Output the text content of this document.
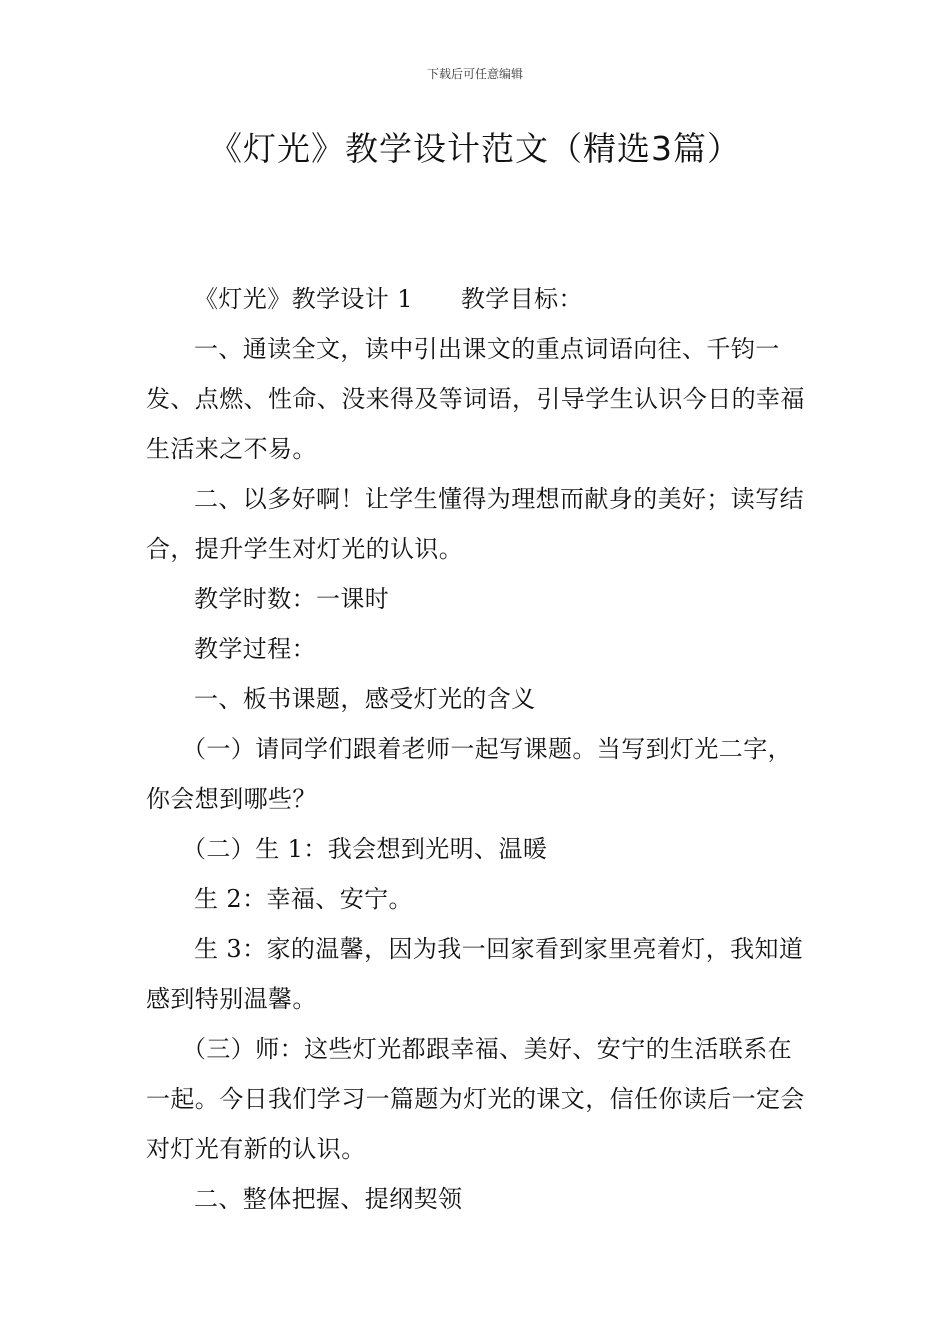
下载后可任意编辑
《灯光》教学设计范文（精选3篇）

《灯光》教学设计 1 教学目标：

一、通读全文，读中引出课文的重点词语向往、千钧一发、点燃、性命、没来得及等词语，引导学生认识今日的幸福生活来之不易。

二、以多好啊！让学生懂得为理想而献身的美好；读写结合，提升学生对灯光的认识。

教学时数：一课时

教学过程：

一、板书课题，感受灯光的含义

（一）请同学们跟着老师一起写课题。当写到灯光二字，你会想到哪些？

（二）生 1：我会想到光明、温暖

生 2：幸福、安宁。

生 3：家的温馨，因为我一回家看到家里亮着灯，我知道感到特别温馨。

（三）师：这些灯光都跟幸福、美好、安宁的生活联系在一起。今日我们学习一篇题为灯光的课文，信任你读后一定会对灯光有新的认识。

二、整体把握、提纲契领
